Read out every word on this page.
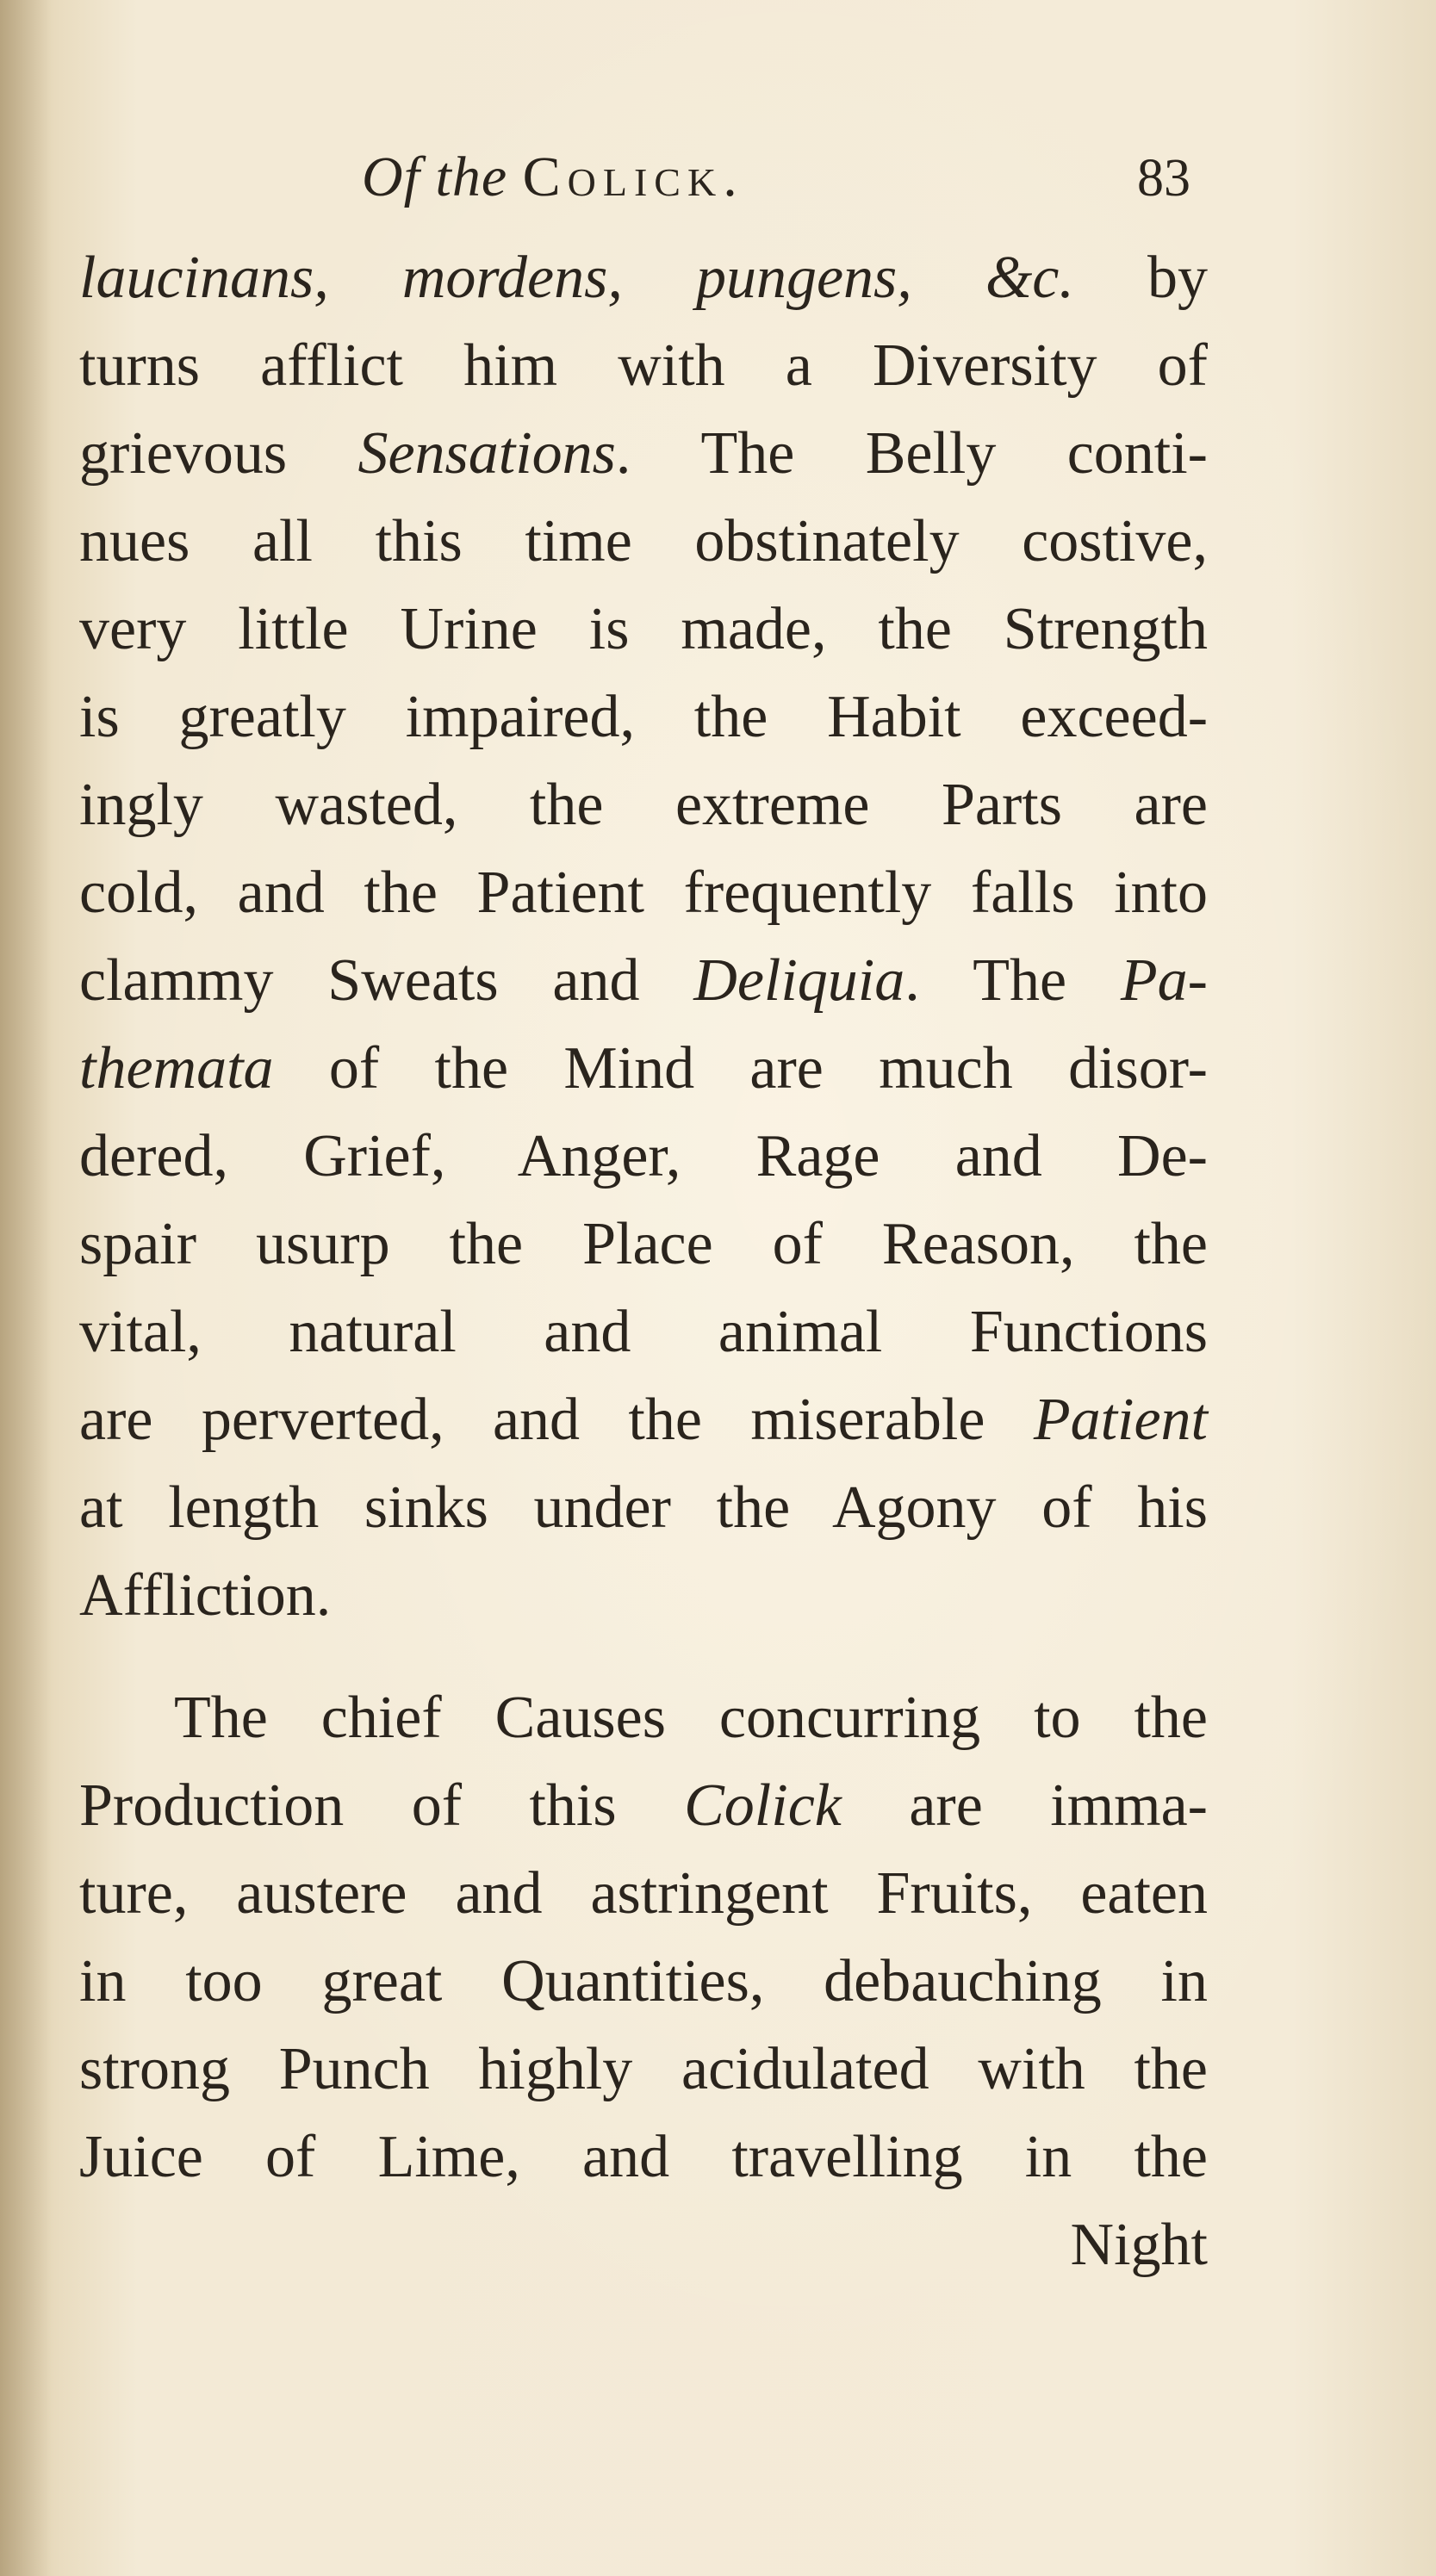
Of the Colick.	83
laucinans, mordens, pungens, &c. by
turns afflict him with a Diversity of
grievous Sensations. The Belly conti-
nues all this time obstinately costive,
very little Urine is made, the Strength
is greatly impaired, the Habit exceed-
ingly wasted, the extreme Parts are
cold, and the Patient frequently falls into
clammy Sweats and Deliquia. The Pa-
themata of the Mind are much disor-
dered, Grief, Anger, Rage and De-
spair usurp the Place of Reason, the
vital, natural and animal Functions
are perverted, and the miserable Patient
at length sinks under the Agony of his
Affliction.
The chief Causes concurring to the
Production of this Colick are imma-
ture, austere and astringent Fruits, eaten
in too great Quantities, debauching in
strong Punch highly acidulated with the
Juice of Lime, and travelling in the
Night
